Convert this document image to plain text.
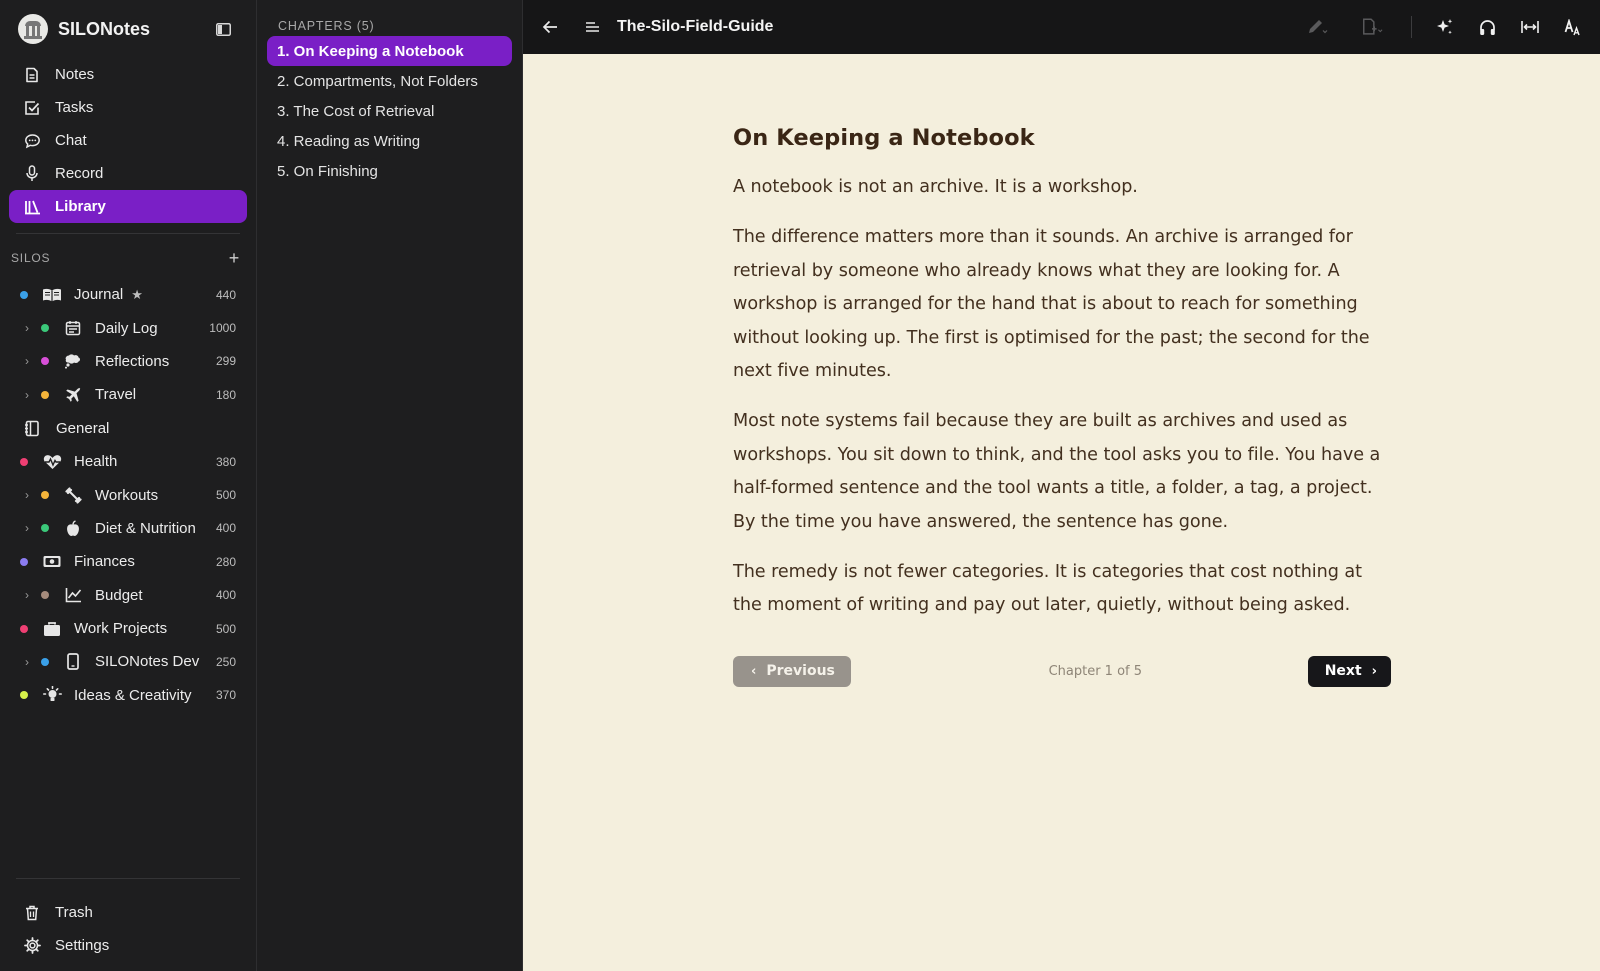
SILONotes
Notes
Tasks
Chat
Record
Library
SILOS	+
Journal ★	440
›	Daily Log	1000
›	Reflections	299
›	Travel	180
General
Health	380
›	Workouts	500
›	Diet & Nutrition	400
Finances	280
›	Budget	400
Work Projects	500
›	SILONotes Dev	250
Ideas & Creativity	370
Trash
Settings
CHAPTERS (5)
1. On Keeping a Notebook
2. Compartments, Not Folders
3. The Cost of Retrieval
4. Reading as Writing
5. On Finishing
The-Silo-Field-Guide
On Keeping a Notebook

A notebook is not an archive. It is a workshop.

The difference matters more than it sounds. An archive is arranged for retrieval by someone who already knows what they are looking for. A workshop is arranged for the hand that is about to reach for something without looking up. The first is optimised for the past; the second for the next five minutes.

Most note systems fail because they are built as archives and used as workshops. You sit down to think, and the tool asks you to file. You have a half-formed sentence and the tool wants a title, a folder, a tag, a project. By the time you have answered, the sentence has gone.

The remedy is not fewer categories. It is categories that cost nothing at the moment of writing and pay out later, quietly, without being asked.

‹ Previous	Chapter 1 of 5	Next ›
